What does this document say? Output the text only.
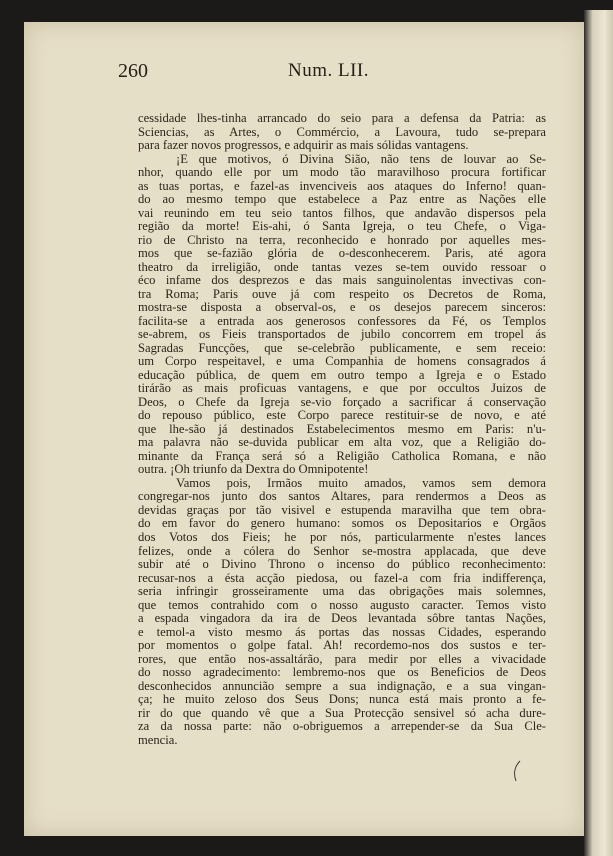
260	Num. LII.
cessidade lhes-tinha arrancado do seio para a defensa da Patria: as
Sciencias, as Artes, o Commércio, a Lavoura, tudo se-prepara
para fazer novos progressos, e adquirir as mais sólidas vantagens.
¡E que motivos, ó Divina Sião, não tens de louvar ao Se-
nhor, quando elle por um modo tão maravilhoso procura fortificar
as tuas portas, e fazel-as invenciveis aos ataques do Inferno! quan-
do ao mesmo tempo que estabelece a Paz entre as Nações elle
vai reunindo em teu seio tantos filhos, que andavão dispersos pela
região da morte! Eis-ahi, ó Santa Igreja, o teu Chefe, o Viga-
rio de Christo na terra, reconhecido e honrado por aquelles mes-
mos que se-fazião glória de o-desconhecerem. Paris, até agora
theatro da irreligião, onde tantas vezes se-tem ouvido ressoar o
éco infame dos desprezos e das mais sanguinolentas invectivas con-
tra Roma; Paris ouve já com respeito os Decretos de Roma,
mostra-se disposta a observal-os, e os desejos parecem sinceros:
facilita-se a entrada aos generosos confessores da Fé, os Templos
se-abrem, os Fieis transportados de jubilo concorrem em tropel ás
Sagradas Funcções, que se-celebrão publicamente, e sem receio:
um Corpo respeitavel, e uma Companhia de homens consagrados á
educação pública, de quem em outro tempo a Igreja e o Estado
tirárão as mais proficuas vantagens, e que por occultos Juizos de
Deos, o Chefe da Igreja se-vio forçado a sacrificar á conservação
do repouso público, este Corpo parece restituir-se de novo, e até
que lhe-são já destinados Estabelecimentos mesmo em Paris: n'u-
ma palavra não se-duvida publicar em alta voz, que a Religião do-
minante da França será só a Religião Catholica Romana, e não
outra. ¡Oh triunfo da Dextra do Omnipotente!
Vamos pois, Irmãos muito amados, vamos sem demora
congregar-nos junto dos santos Altares, para rendermos a Deos as
devidas graças por tão visivel e estupenda maravilha que tem obra-
do em favor do genero humano: somos os Depositarios e Orgãos
dos Votos dos Fieis; he por nós, particularmente n'estes lances
felizes, onde a cólera do Senhor se-mostra applacada, que deve
subir até o Divino Throno o incenso do público reconhecimento:
recusar-nos a ésta acção piedosa, ou fazel-a com fria indifferença,
seria infringir grosseiramente uma das obrigações mais solemnes,
que temos contrahido com o nosso augusto caracter. Temos visto
a espada vingadora da ira de Deos levantada sôbre tantas Nações,
e temol-a visto mesmo ás portas das nossas Cidades, esperando
por momentos o golpe fatal. Ah! recordemo-nos dos sustos e ter-
rores, que então nos-assaltárão, para medir por elles a vivacidade
do nosso agradecimento: lembremo-nos que os Beneficios de Deos
desconhecidos annuncião sempre a sua indignação, e a sua vingan-
ça; he muito zeloso dos Seus Dons; nunca está mais pronto a fe-
rir do que quando vê que a Sua Protecção sensivel só acha dure-
za da nossa parte: não o-obriguemos a arrepender-se da Sua Cle-
mencia.
